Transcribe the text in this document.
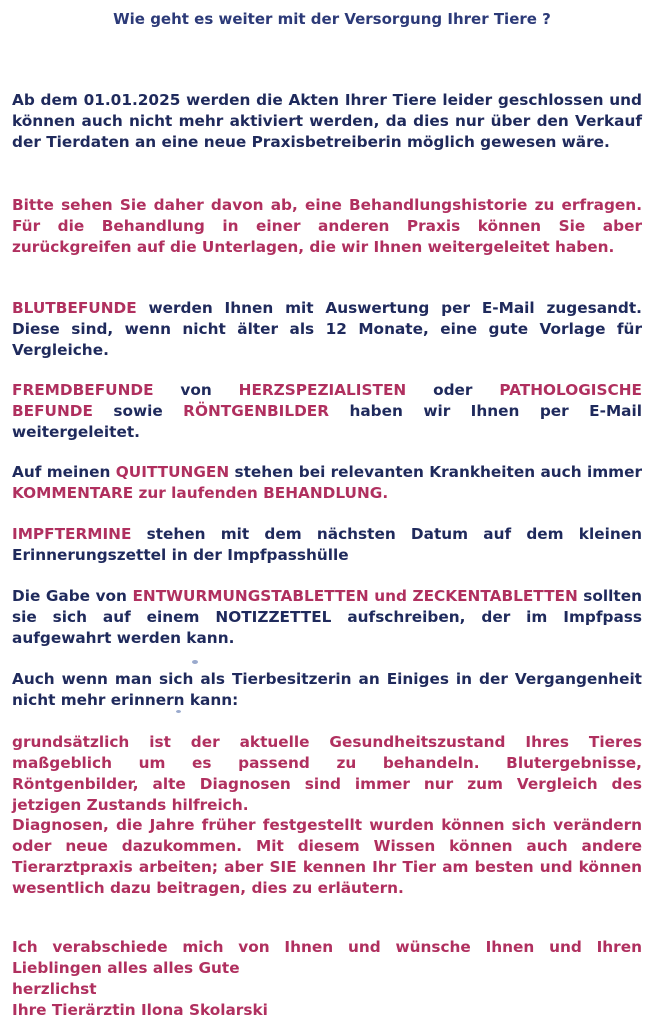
Wie geht es weiter mit der Versorgung Ihrer Tiere ?

Ab dem 01.01.2025 werden die Akten Ihrer Tiere leider geschlossen und können auch nicht mehr aktiviert werden, da dies nur über den Verkauf der Tierdaten an eine neue Praxisbetreiberin möglich gewesen wäre.

Bitte sehen Sie daher davon ab, eine Behandlungshistorie zu erfragen. Für die Behandlung in einer anderen Praxis können Sie aber zurückgreifen auf die Unterlagen, die wir Ihnen weitergeleitet haben.

BLUTBEFUNDE werden Ihnen mit Auswertung per E-Mail zugesandt. Diese sind, wenn nicht älter als 12 Monate, eine gute Vorlage für Vergleiche.

FREMDBEFUNDE von HERZSPEZIALISTEN oder PATHOLOGISCHE BEFUNDE sowie RÖNTGENBILDER haben wir Ihnen per E-Mail weitergeleitet.

Auf meinen QUITTUNGEN stehen bei relevanten Krankheiten auch immer KOMMENTARE zur laufenden BEHANDLUNG.

IMPFTERMINE stehen mit dem nächsten Datum auf dem kleinen Erinnerungszettel in der Impfpasshülle

Die Gabe von ENTWURMUNGSTABLETTEN und ZECKENTABLETTEN sollten sie sich auf einem NOTIZZETTEL aufschreiben, der im Impfpass aufgewahrt werden kann.

Auch wenn man sich als Tierbesitzerin an Einiges in der Vergangenheit nicht mehr erinnern kann:

grundsätzlich ist der aktuelle Gesundheitszustand Ihres Tieres maßgeblich um es passend zu behandeln. Blutergebnisse, Röntgenbilder, alte Diagnosen sind immer nur zum Vergleich des jetzigen Zustands hilfreich.

Diagnosen, die Jahre früher festgestellt wurden können sich verändern oder neue dazukommen. Mit diesem Wissen können auch andere Tierarztpraxis arbeiten; aber SIE kennen Ihr Tier am besten und können wesentlich dazu beitragen, dies zu erläutern.

Ich verabschiede mich von Ihnen und wünsche Ihnen und Ihren Lieblingen alles alles Gute
herzlichst
Ihre Tierärztin Ilona Skolarski
